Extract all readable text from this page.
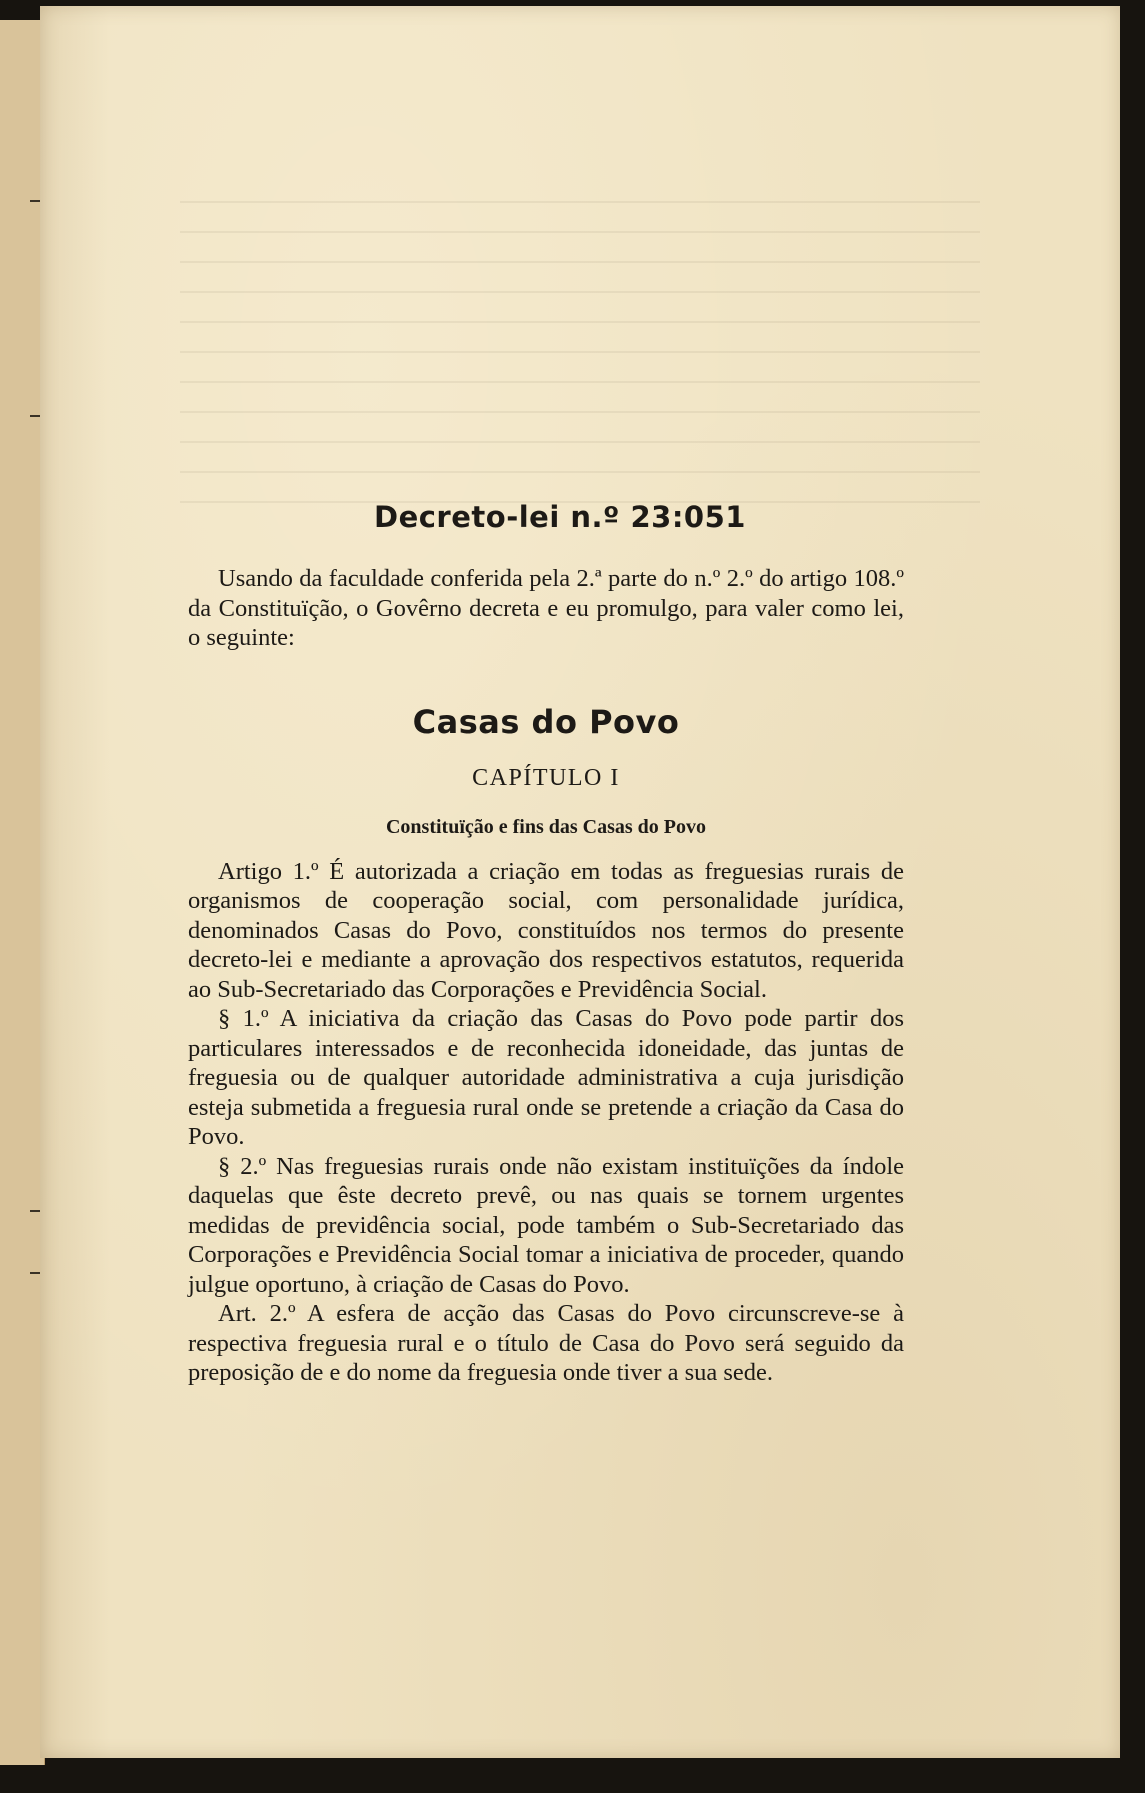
Decreto-lei n.º 23:051

Usando da faculdade conferida pela 2.ª parte do n.º 2.º do artigo 108.º da Constituïção, o Govêrno decreta e eu promulgo, para valer como lei, o seguinte:

Casas do Povo
CAPÍTULO I
Constituïção e fins das Casas do Povo

Artigo 1.º É autorizada a criação em todas as freguesias rurais de organismos de cooperação social, com personalidade jurídica, denominados Casas do Povo, constituídos nos termos do presente decreto-lei e mediante a aprovação dos respectivos estatutos, requerida ao Sub-Secretariado das Corporações e Previdência Social.

§ 1.º A iniciativa da criação das Casas do Povo pode partir dos particulares interessados e de reconhecida idoneidade, das juntas de freguesia ou de qualquer autoridade administrativa a cuja jurisdição esteja submetida a freguesia rural onde se pretende a criação da Casa do Povo.

§ 2.º Nas freguesias rurais onde não existam instituïções da índole daquelas que êste decreto prevê, ou nas quais se tornem urgentes medidas de previdência social, pode também o Sub-Secretariado das Corporações e Previdência Social tomar a iniciativa de proceder, quando julgue oportuno, à criação de Casas do Povo.

Art. 2.º A esfera de acção das Casas do Povo circunscreve-se à respectiva freguesia rural e o título de Casa do Povo será seguido da preposição de e do nome da freguesia onde tiver a sua sede.
